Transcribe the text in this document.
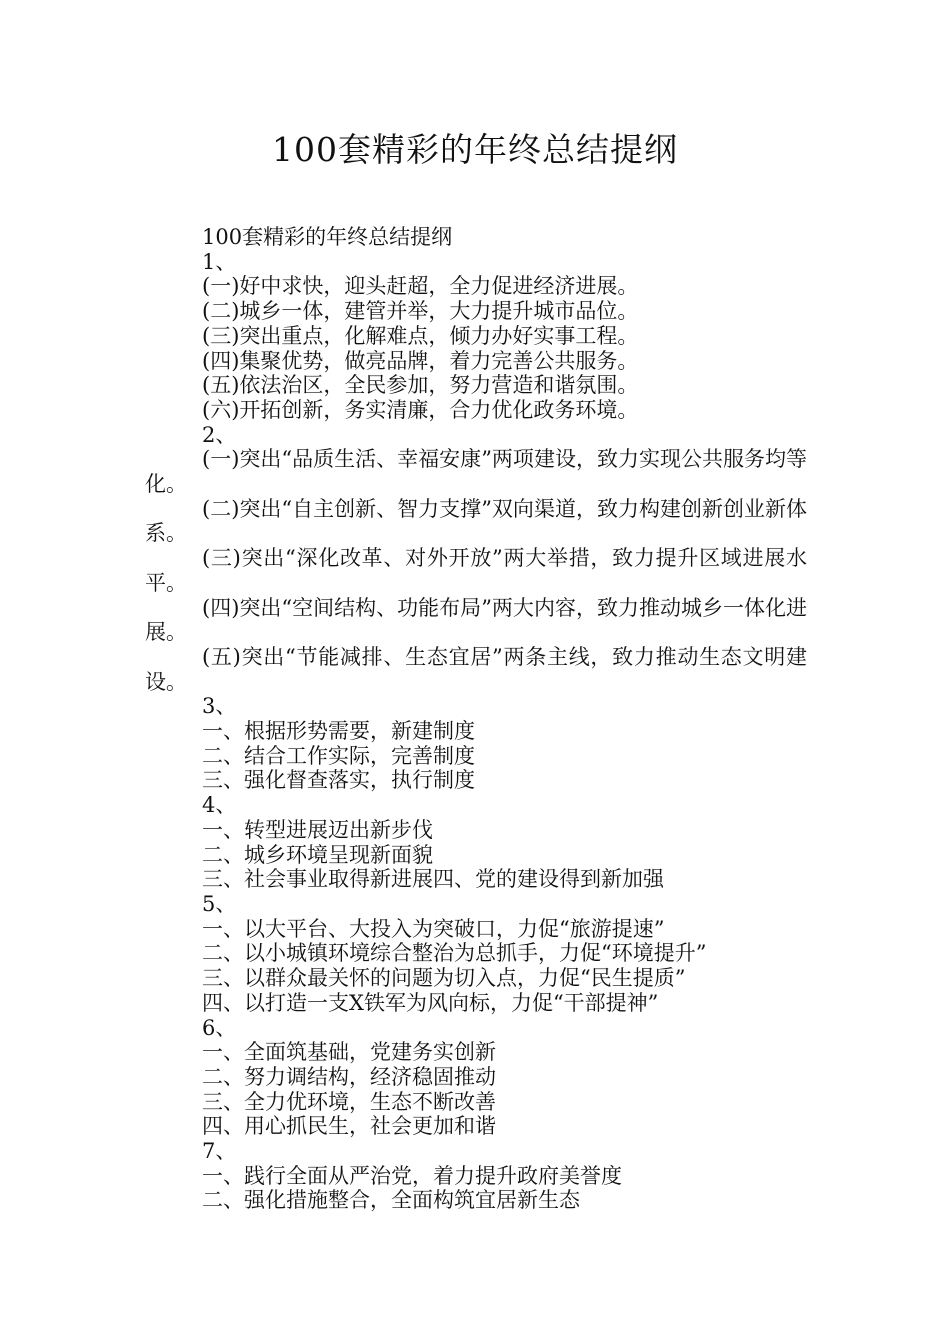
100套精彩的年终总结提纲

100套精彩的年终总结提纲

1、

(一)好中求快，迎头赶超，全力促进经济进展。

(二)城乡一体，建管并举，大力提升城市品位。

(三)突出重点，化解难点，倾力办好实事工程。

(四)集聚优势，做亮品牌，着力完善公共服务。

(五)依法治区，全民参加，努力营造和谐氛围。

(六)开拓创新，务实清廉，合力优化政务环境。

2、

(一)突出“品质生活、幸福安康”两项建设，致力实现公共服务均等化。

(二)突出“自主创新、智力支撑”双向渠道，致力构建创新创业新体系。

(三)突出“深化改革、对外开放”两大举措，致力提升区域进展水平。

(四)突出“空间结构、功能布局”两大内容，致力推动城乡一体化进展。

(五)突出“节能减排、生态宜居”两条主线，致力推动生态文明建设。

3、

一、根据形势需要，新建制度

二、结合工作实际，完善制度

三、强化督查落实，执行制度

4、

一、转型进展迈出新步伐

二、城乡环境呈现新面貌

三、社会事业取得新进展四、党的建设得到新加强

5、

一、以大平台、大投入为突破口，力促“旅游提速”

二、以小城镇环境综合整治为总抓手，力促“环境提升”

三、以群众最关怀的问题为切入点，力促“民生提质”

四、以打造一支X铁军为风向标，力促“干部提神”

6、

一、全面筑基础，党建务实创新

二、努力调结构，经济稳固推动

三、全力优环境，生态不断改善

四、用心抓民生，社会更加和谐

7、

一、践行全面从严治党，着力提升政府美誉度

二、强化措施整合，全面构筑宜居新生态
